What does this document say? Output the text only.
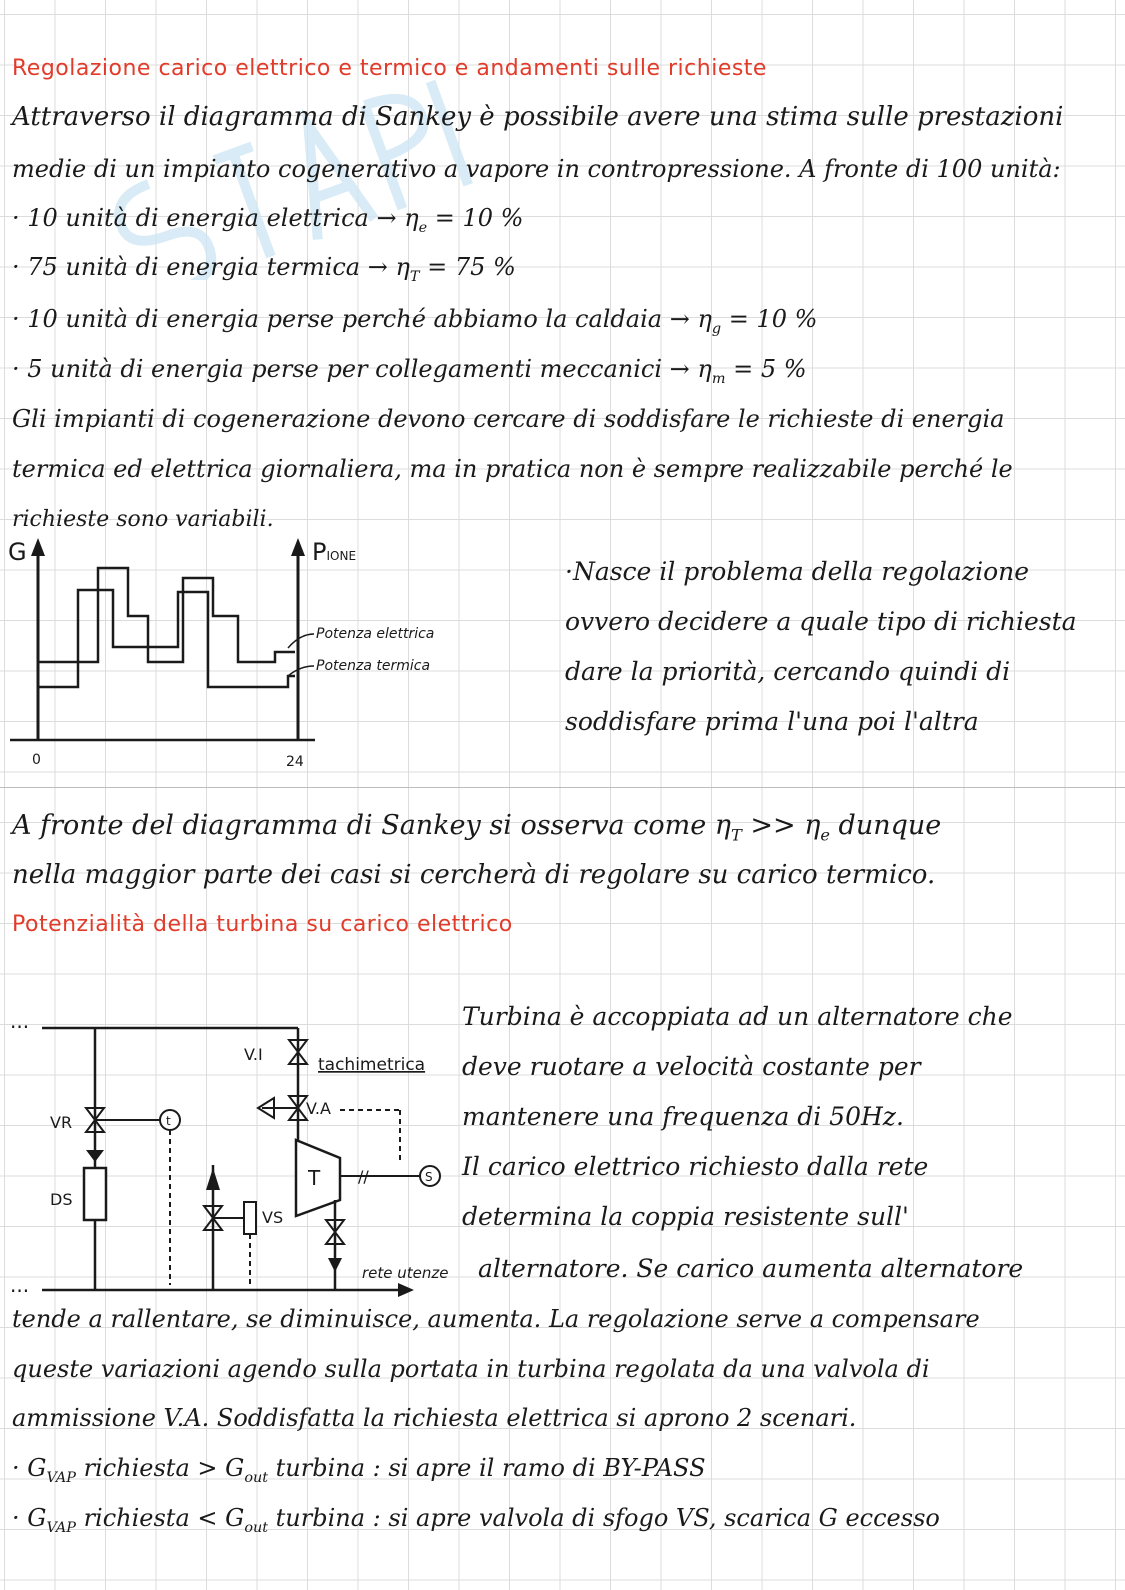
Regolazione carico elettrico e termico e andamenti sulle richieste
Attraverso il diagramma di Sankey è possibile avere una stima sulle prestazioni
medie di un impianto cogenerativo a vapore in contropressione. A fronte di 100 unità:
· 10 unità di energia elettrica → $\eta_e = 10$ %
· 75 unità di energia termica → $\eta_T = 75$ %
· 10 unità di energia perse perché abbiamo la caldaia → $\eta_g = 10$ %
· 5 unità di energia perse per collegamenti meccanici → $\eta_m = 5$ %
Gli impianti di cogenerazione devono cercare di soddisfare le richieste di energia
termica ed elettrica giornaliera, ma in pratica non è sempre realizzabile perché le
richieste sono variabili.
G	PIONE
0	24
Potenza elettrica
Potenza termica
·Nasce il problema della regolazione
ovvero decidere a quale tipo di richiesta
dare la priorità, cercando quindi di
soddisfare prima l'una poi l'altra
A fronte del diagramma di Sankey si osserva come $\eta_T >> \eta_e$ dunque
nella maggior parte dei casi si cercherà di regolare su carico termico.
Potenzialità della turbina su carico elettrico
...
...
t
VR
DS
VS
V.I
V.A
tachimetrica
T //	S
rete utenze
Turbina è accoppiata ad un alternatore che
deve ruotare a velocità costante per
mantenere una frequenza di 50Hz.
Il carico elettrico richiesto dalla rete
determina la coppia resistente sull'
alternatore. Se carico aumenta alternatore
tende a rallentare, se diminuisce, aumenta. La regolazione serve a compensare
queste variazioni agendo sulla portata in turbina regolata da una valvola di
ammissione V.A. Soddisfatta la richiesta elettrica si aprono 2 scenari.
· $G_{VAP}$ richiesta > $G_{out}$ turbina : si apre il ramo di BY-PASS
· $G_{VAP}$ richiesta < $G_{out}$ turbina : si apre valvola di sfogo VS, scarica G eccesso
